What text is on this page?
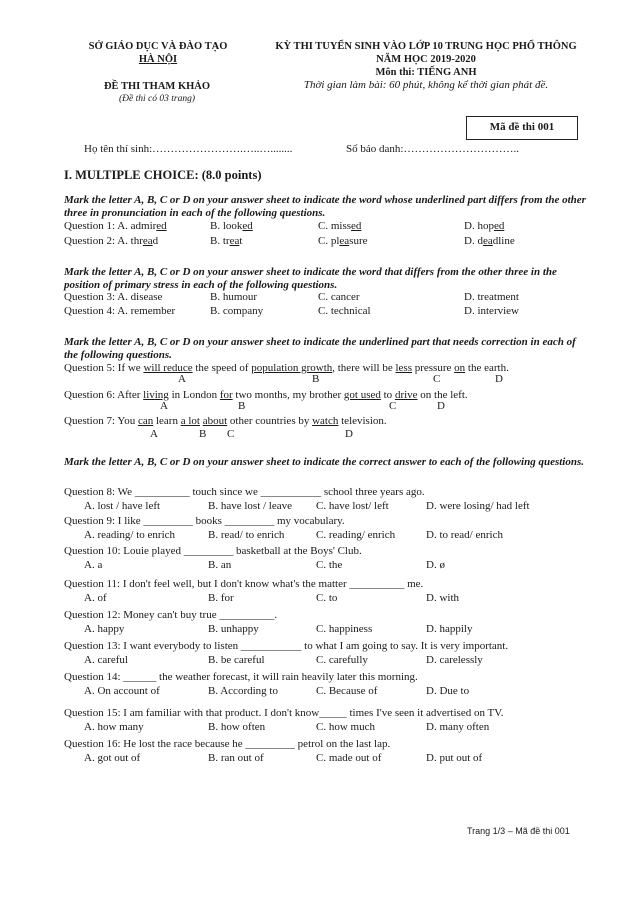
SỞ GIÁO DỤC VÀ ĐÀO TẠO
HÀ NỘI
KỲ THI TUYỂN SINH VÀO LỚP 10 TRUNG HỌC PHỔ THÔNG
NĂM HỌC 2019-2020
Môn thi: TIẾNG ANH
Thời gian làm bài: 60 phút, không kể thời gian phát đề.
ĐỀ THI THAM KHẢO
(Đề thi có 03 trang)
Mã đề thi 001
Họ tên thí sinh:…………………….…..…........	Số báo danh:…………………………..
I. MULTIPLE CHOICE: (8.0 points)
Mark the letter A, B, C or D on your answer sheet to indicate the word whose underlined part differs from the other three in pronunciation in each of the following questions.
Question 1: A. admired	B. looked	C. missed	D. hoped
Question 2: A. thread	B. treat	C. pleasure	D. deadline
Mark the letter A, B, C or D on your answer sheet to indicate the word that differs from the other three in the position of primary stress in each of the following questions.
Question 3: A. disease	B. humour	C. cancer	D. treatment
Question 4: A. remember	B. company	C. technical	D. interview
Mark the letter A, B, C or D on your answer sheet to indicate the underlined part that needs correction in each of the following questions.
Question 5: If we will reduce the speed of population growth, there will be less pressure on the earth.
A	B	C	D
Question 6: After living in London for two months, my brother got used to drive on the left.
A	B	C	D
Question 7: You can learn a lot about other countries by watch television.
A	B C	D
Mark the letter A, B, C or D on your answer sheet to indicate the correct answer to each of the following questions.
Question 8: We __________ touch since we ___________ school three years ago.
A. lost / have left	B. have lost / leave C. have lost/ left	D. were losing/ had left
Question 9: I like _________ books _________ my vocabulary.
A. reading/ to enrich	B. read/ to enrich	C. reading/ enrich	D. to read/ enrich
Question 10: Louie played _________ basketball at the Boys' Club.
A. a	B. an	C. the	D. ø
Question 11: I don't feel well, but I don't know what's the matter __________ me.
A. of	B. for	C. to	D. with
Question 12: Money can't buy true __________.
A. happy	B. unhappy	C. happiness	D. happily
Question 13: I want everybody to listen ___________ to what I am going to say. It is very important.
A. careful	B. be careful	C. carefully	D. carelessly
Question 14: ______ the weather forecast, it will rain heavily later this morning.
A. On account of	B. According to	C. Because of	D. Due to
Question 15: I am familiar with that product. I don't know_____ times I've seen it advertised on TV.
A. how many	B. how often	C. how much	D. many often
Question 16: He lost the race because he _________ petrol on the last lap.
A. got out of	B. ran out of	C. made out of	D. put out of
Trang 1/3 – Mã đề thi 001
